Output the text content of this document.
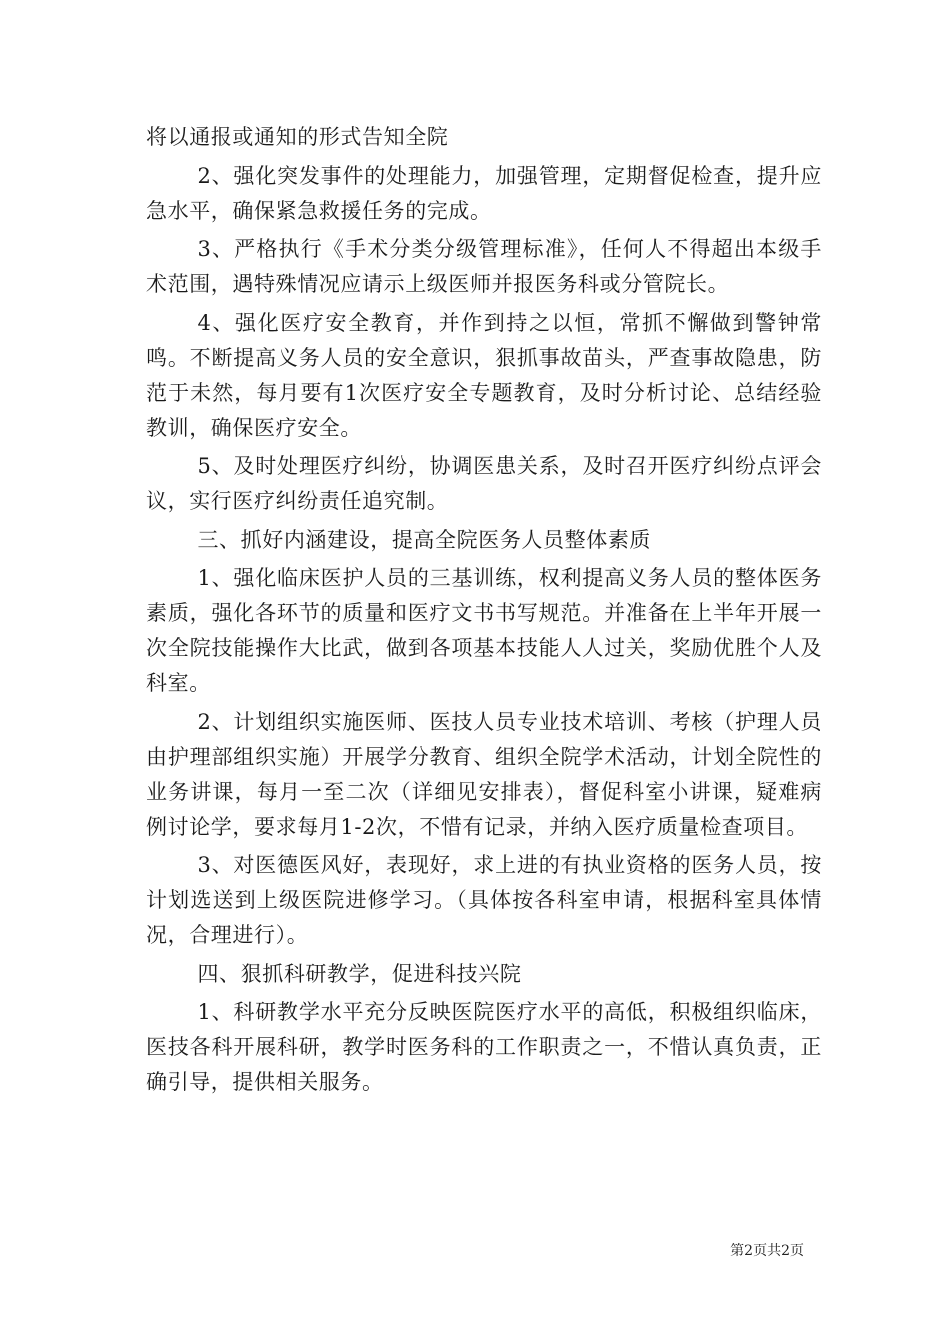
将以通报或通知的形式告知全院

2、强化突发事件的处理能力，加强管理，定期督促检查，提升应急水平，确保紧急救援任务的完成。

3、严格执行《手术分类分级管理标准》，任何人不得超出本级手术范围，遇特殊情况应请示上级医师并报医务科或分管院长。

4、强化医疗安全教育，并作到持之以恒，常抓不懈做到警钟常鸣。不断提高义务人员的安全意识，狠抓事故苗头，严查事故隐患，防范于未然，每月要有1次医疗安全专题教育，及时分析讨论、总结经验教训，确保医疗安全。

5、及时处理医疗纠纷，协调医患关系，及时召开医疗纠纷点评会议，实行医疗纠纷责任追究制。

三、抓好内涵建设，提高全院医务人员整体素质

1、强化临床医护人员的三基训练，权利提高义务人员的整体医务素质，强化各环节的质量和医疗文书书写规范。并准备在上半年开展一次全院技能操作大比武，做到各项基本技能人人过关，奖励优胜个人及科室。

2、计划组织实施医师、医技人员专业技术培训、考核（护理人员由护理部组织实施）开展学分教育、组织全院学术活动，计划全院性的业务讲课，每月一至二次（详细见安排表），督促科室小讲课，疑难病例讨论学，要求每月1-2次，不惜有记录，并纳入医疗质量检查项目。

3、对医德医风好，表现好，求上进的有执业资格的医务人员，按计划选送到上级医院进修学习。（具体按各科室申请，根据科室具体情况，合理进行）。

四、狠抓科研教学，促进科技兴院

1、科研教学水平充分反映医院医疗水平的高低，积极组织临床，医技各科开展科研，教学时医务科的工作职责之一，不惜认真负责，正确引导，提供相关服务。

第2页共2页
